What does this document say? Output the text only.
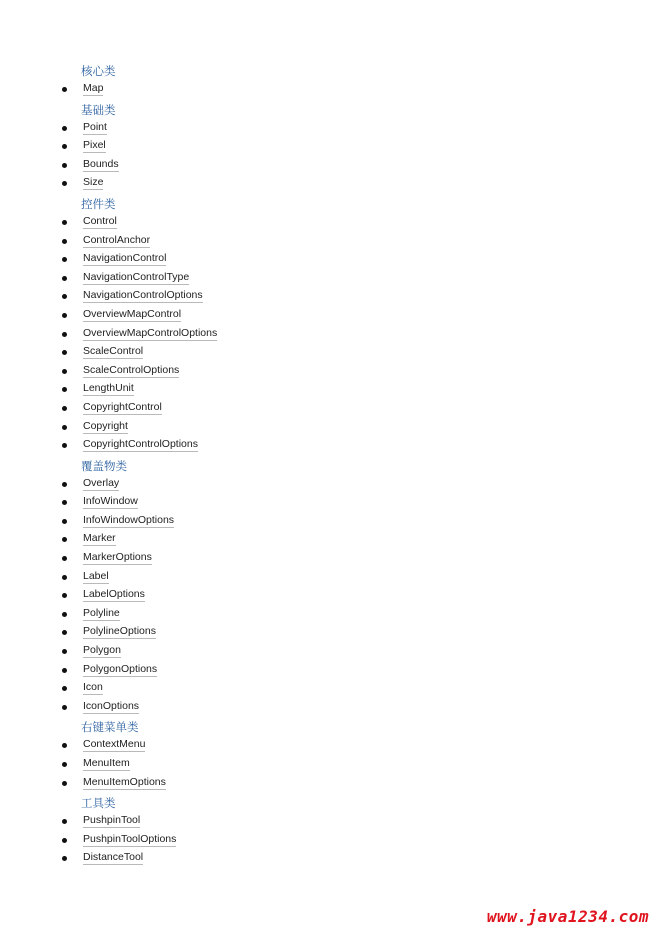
核心类
Map
基础类
Point
Pixel
Bounds
Size
控件类
Control
ControlAnchor
NavigationControl
NavigationControlType
NavigationControlOptions
OverviewMapControl
OverviewMapControlOptions
ScaleControl
ScaleControlOptions
LengthUnit
CopyrightControl
Copyright
CopyrightControlOptions
覆盖物类
Overlay
InfoWindow
InfoWindowOptions
Marker
MarkerOptions
Label
LabelOptions
Polyline
PolylineOptions
Polygon
PolygonOptions
Icon
IconOptions
右键菜单类
ContextMenu
MenuItem
MenuItemOptions
工具类
PushpinTool
PushpinToolOptions
DistanceTool
www.java1234.com
